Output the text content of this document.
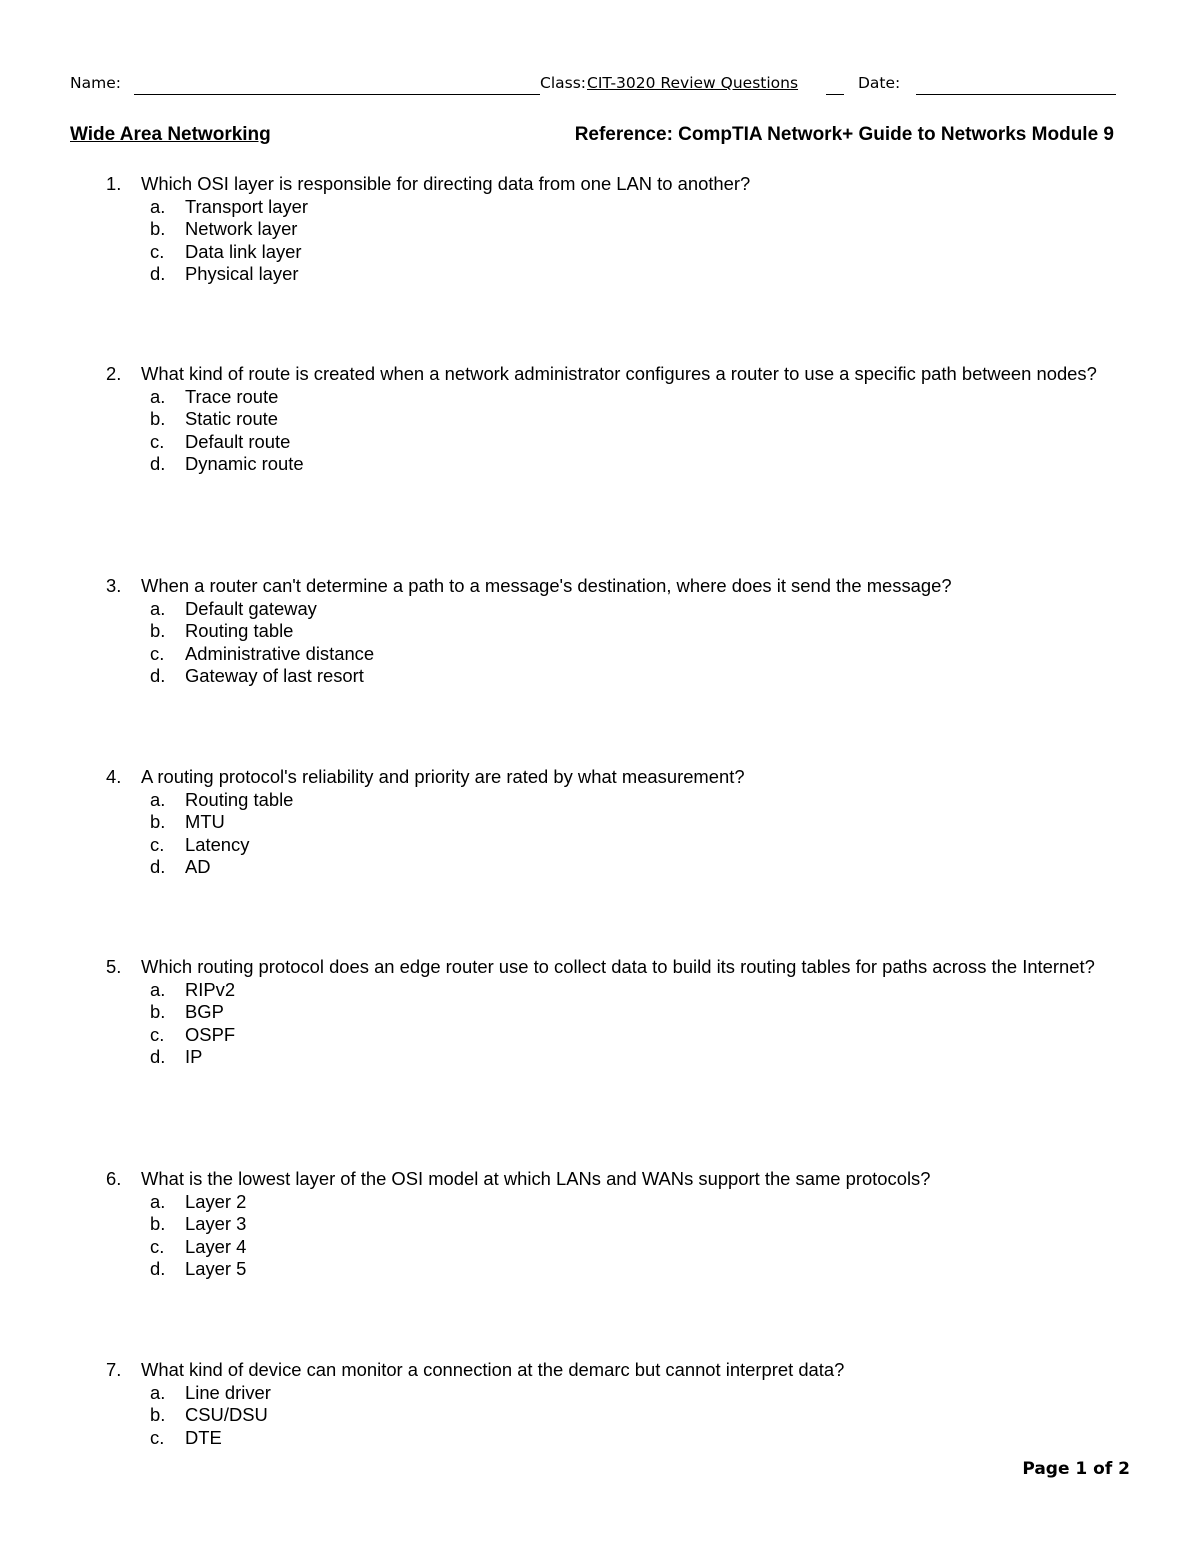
Name:	Class: CIT-3020 Review Questions	Date:
Wide Area Networking	Reference: CompTIA Network+ Guide to Networks Module 9
1. Which OSI layer is responsible for directing data from one LAN to another?
a. Transport layer
b. Network layer
c. Data link layer
d. Physical layer
2. What kind of route is created when a network administrator configures a router to use a specific path between nodes?
a. Trace route
b. Static route
c. Default route
d. Dynamic route
3. When a router can't determine a path to a message's destination, where does it send the message?
a. Default gateway
b. Routing table
c. Administrative distance
d. Gateway of last resort
4. A routing protocol's reliability and priority are rated by what measurement?
a. Routing table
b. MTU
c. Latency
d. AD
5. Which routing protocol does an edge router use to collect data to build its routing tables for paths across the Internet?
a. RIPv2
b. BGP
c. OSPF
d. IP
6. What is the lowest layer of the OSI model at which LANs and WANs support the same protocols?
a. Layer 2
b. Layer 3
c. Layer 4
d. Layer 5
7. What kind of device can monitor a connection at the demarc but cannot interpret data?
a. Line driver
b. CSU/DSU
c. DTE
Page 1 of 2
